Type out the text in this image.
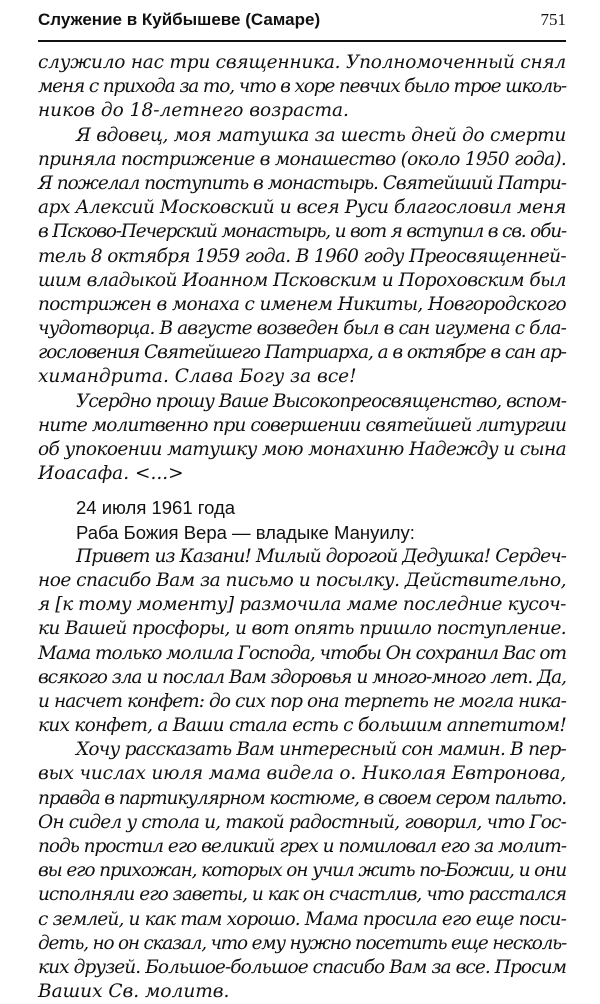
Служение в Куйбышеве (Самаре)	751
служило нас три священника. Уполномоченный снял
меня с прихода за то, что в хоре певчих было трое школь-
ников до 18-летнего возраста.
Я вдовец, моя матушка за шесть дней до смерти
приняла пострижение в монашество (около 1950 года).
Я пожелал поступить в монастырь. Святейший Патри-
арх Алексий Московский и всея Руси благословил меня
в Псково-Печерский монастырь, и вот я вступил в св. оби-
тель 8 октября 1959 года. В 1960 году Преосвященней-
шим владыкой Иоанном Псковским и Пороховским был
пострижен в монаха с именем Никиты, Новгородского
чудотворца. В августе возведен был в сан игумена с бла-
гословения Святейшего Патриарха, а в октябре в сан ар-
химандрита. Слава Богу за все!
Усердно прошу Ваше Высокопреосвященство, вспом-
ните молитвенно при совершении святейшей литургии
об упокоении матушку мою монахиню Надежду и сына
Иоасафа. <...>
24 июля 1961 года
Раба Божия Вера — владыке Мануилу:
Привет из Казани! Милый дорогой Дедушка! Сердеч-
ное спасибо Вам за письмо и посылку. Действительно,
я [к тому моменту] размочила маме последние кусоч-
ки Вашей просфоры, и вот опять пришло поступление.
Мама только молила Господа, чтобы Он сохранил Вас от
всякого зла и послал Вам здоровья и много-много лет. Да,
и насчет конфет: до сих пор она терпеть не могла ника-
ких конфет, а Ваши стала есть с большим аппетитом!
Хочу рассказать Вам интересный сон мамин. В пер-
вых числах июля мама видела о. Николая Евтронова,
правда в партикулярном костюме, в своем сером пальто.
Он сидел у стола и, такой радостный, говорил, что Гос-
подь простил его великий грех и помиловал его за молит-
вы его прихожан, которых он учил жить по-Божии, и они
исполняли его заветы, и как он счастлив, что расстался
с землей, и как там хорошо. Мама просила его еще поси-
деть, но он сказал, что ему нужно посетить еще несколь-
ких друзей. Большое-большое спасибо Вам за все. Просим
Ваших Св. молитв.
